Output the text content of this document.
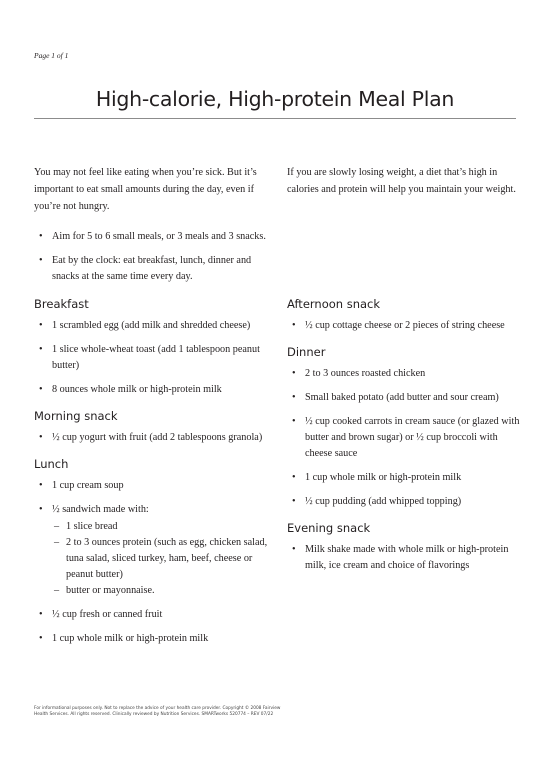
Page 1 of 1
High-calorie, High-protein Meal Plan

You may not feel like eating when you’re sick. But it’s important to eat small amounts during the day, even if you’re not hungry.

• Aim for 5 to 6 small meals, or 3 meals and 3 snacks.
• Eat by the clock: eat breakfast, lunch, dinner and snacks at the same time every day.

If you are slowly losing weight, a diet that’s high in calories and protein will help you maintain your weight.

Breakfast
• 1 scrambled egg (add milk and shredded cheese)
• 1 slice whole-wheat toast (add 1 tablespoon peanut butter)
• 8 ounces whole milk or high-protein milk
Morning snack
• ½ cup yogurt with fruit (add 2 tablespoons granola)
Lunch
• 1 cup cream soup
• ½ sandwich made with:
– 1 slice bread
– 2 to 3 ounces protein (such as egg, chicken salad, tuna salad, sliced turkey, ham, beef, cheese or peanut butter)
– butter or mayonnaise.
• ½ cup fresh or canned fruit
• 1 cup whole milk or high-protein milk
Afternoon snack
• ½ cup cottage cheese or 2 pieces of string cheese
Dinner
• 2 to 3 ounces roasted chicken
• Small baked potato (add butter and sour cream)
• ½ cup cooked carrots in cream sauce (or glazed with butter and brown sugar) or ½ cup broccoli with cheese sauce
• 1 cup whole milk or high-protein milk
• ½ cup pudding (add whipped topping)
Evening snack
• Milk shake made with whole milk or high-protein milk, ice cream and choice of flavorings
For informational purposes only. Not to replace the advice of your health care provider. Copyright © 2008 Fairview Health Services. All rights reserved. Clinically reviewed by Nutrition Services. SMARTworks 520774 – REV 07/22
